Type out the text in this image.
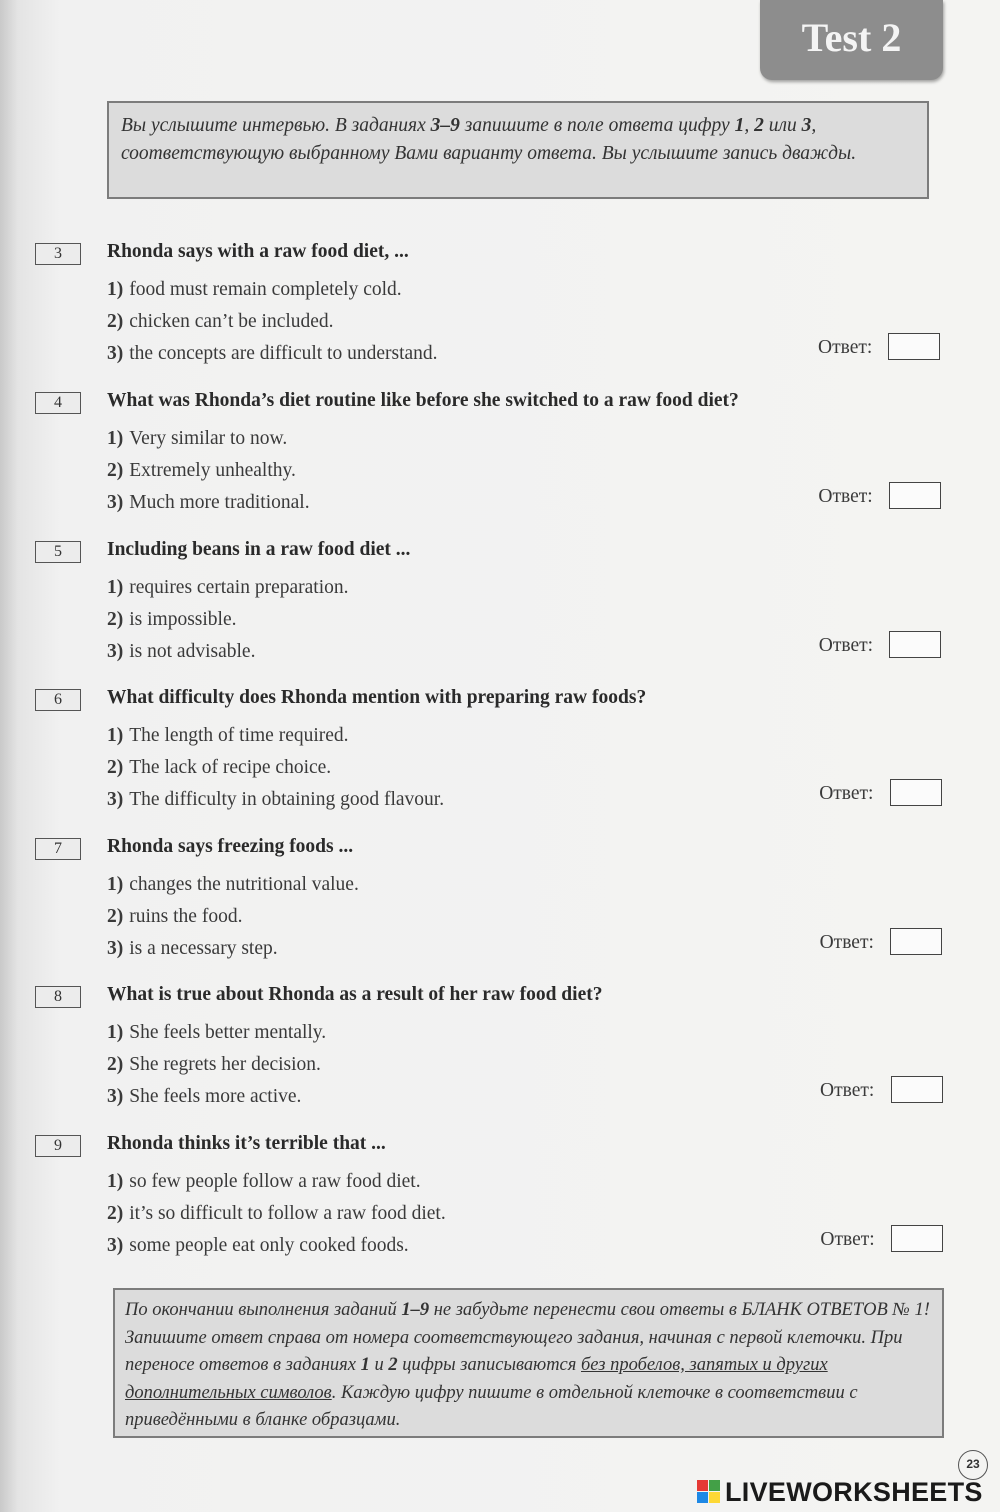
Test 2
Вы услышите интервью. В заданиях 3–9 запишите в поле ответа цифру 1, 2 или 3, соответствующую выбранному Вами варианту ответа. Вы услышите запись дважды.
3	Rhonda says with a raw food diet, ...
1) food must remain completely cold.
2) chicken can’t be included.
3) the concepts are difficult to understand.	Ответ:
4	What was Rhonda’s diet routine like before she switched to a raw food diet?
1) Very similar to now.
2) Extremely unhealthy.
3) Much more traditional.	Ответ:
5	Including beans in a raw food diet ...
1) requires certain preparation.
2) is impossible.
3) is not advisable.	Ответ:
6	What difficulty does Rhonda mention with preparing raw foods?
1) The length of time required.
2) The lack of recipe choice.
3) The difficulty in obtaining good flavour.	Ответ:
7	Rhonda says freezing foods ...
1) changes the nutritional value.
2) ruins the food.
3) is a necessary step.	Ответ:
8	What is true about Rhonda as a result of her raw food diet?
1) She feels better mentally.
2) She regrets her decision.
3) She feels more active.	Ответ:
9	Rhonda thinks it’s terrible that ...
1) so few people follow a raw food diet.
2) it’s so difficult to follow a raw food diet.
3) some people eat only cooked foods.	Ответ:
По окончании выполнения заданий 1–9 не забудьте перенести свои ответы в БЛАНК ОТВЕТОВ № 1! Запишите ответ справа от номера соответствующего задания, начиная с первой клеточки. При переносе ответов в заданиях 1 и 2 цифры записываются без пробелов, запятых и других дополнительных символов. Каждую цифру пишите в отдельной клеточке в соответствии с приведёнными в бланке образцами.
23
LIVEWORKSHEETS
